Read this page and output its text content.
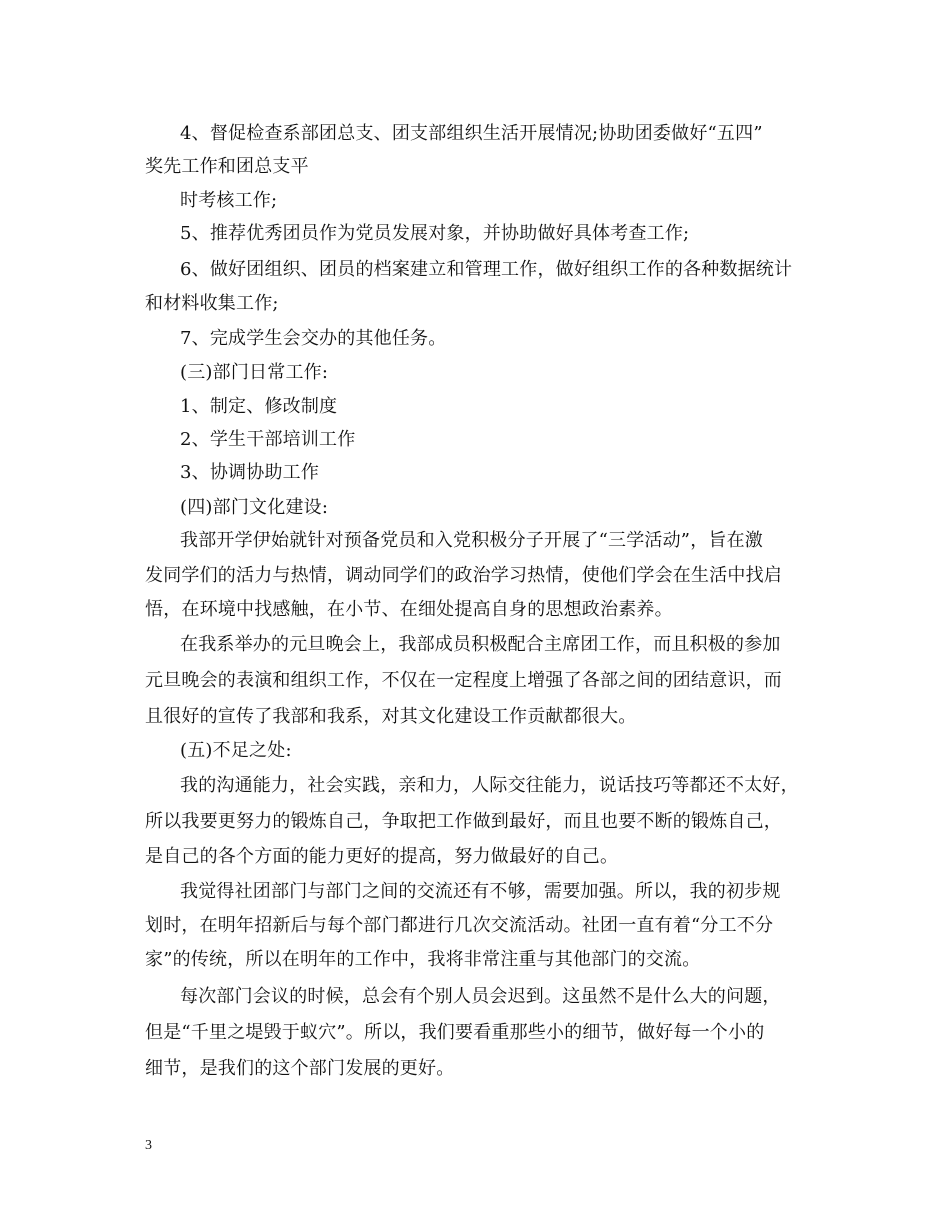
4、督促检查系部团总支、团支部组织生活开展情况;协助团委做好“五四”
奖先工作和团总支平
时考核工作;
5、推荐优秀团员作为党员发展对象，并协助做好具体考查工作;
6、做好团组织、团员的档案建立和管理工作，做好组织工作的各种数据统计
和材料收集工作;
7、完成学生会交办的其他任务。
(三)部门日常工作:
1、制定、修改制度
2、学生干部培训工作
3、协调协助工作
(四)部门文化建设:
我部开学伊始就针对预备党员和入党积极分子开展了“三学活动”，旨在激
发同学们的活力与热情，调动同学们的政治学习热情，使他们学会在生活中找启
悟，在环境中找感触，在小节、在细处提高自身的思想政治素养。
在我系举办的元旦晚会上，我部成员积极配合主席团工作，而且积极的参加
元旦晚会的表演和组织工作，不仅在一定程度上增强了各部之间的团结意识，而
且很好的宣传了我部和我系，对其文化建设工作贡献都很大。
(五)不足之处:
我的沟通能力，社会实践，亲和力，人际交往能力，说话技巧等都还不太好，
所以我要更努力的锻炼自己，争取把工作做到最好，而且也要不断的锻炼自己，
是自己的各个方面的能力更好的提高，努力做最好的自己。
我觉得社团部门与部门之间的交流还有不够，需要加强。所以，我的初步规
划时，在明年招新后与每个部门都进行几次交流活动。社团一直有着“分工不分
家”的传统，所以在明年的工作中，我将非常注重与其他部门的交流。
每次部门会议的时候，总会有个别人员会迟到。这虽然不是什么大的问题，
但是“千里之堤毁于蚁穴”。所以，我们要看重那些小的细节，做好每一个小的
细节，是我们的这个部门发展的更好。
3
